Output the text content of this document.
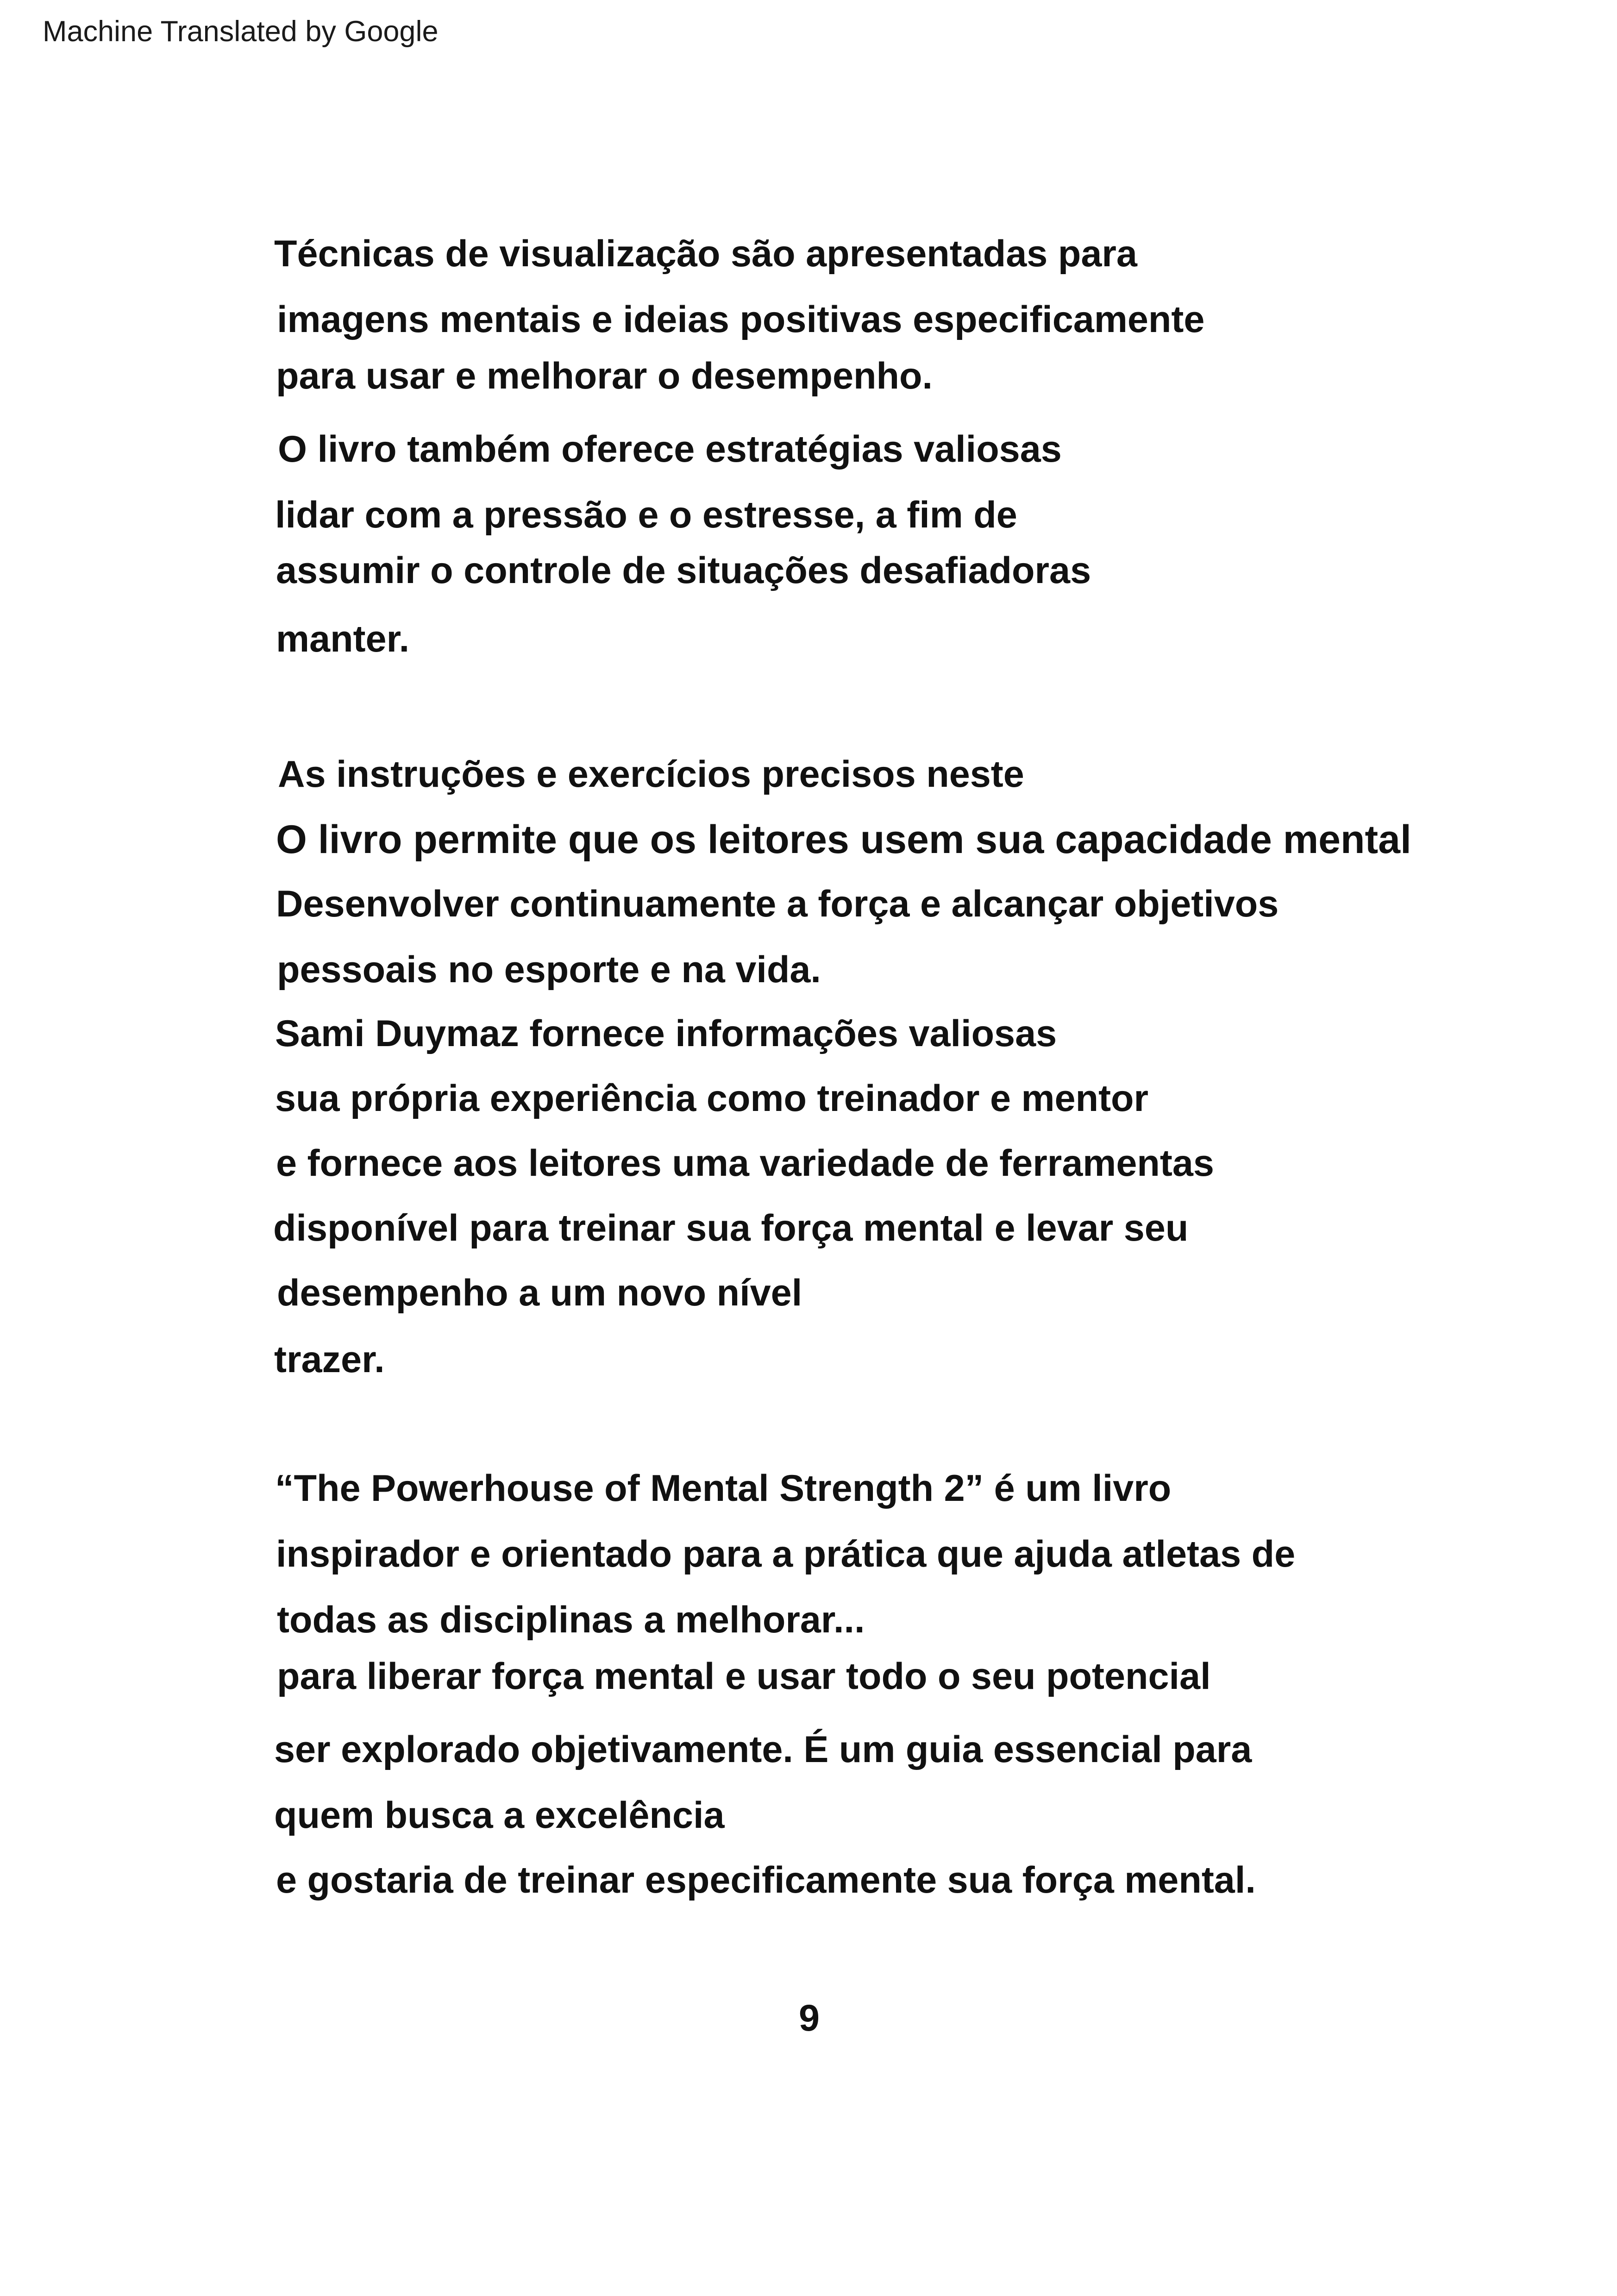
Machine Translated by Google
Técnicas de visualização são apresentadas para
imagens mentais e ideias positivas especificamente
para usar e melhorar o desempenho.
O livro também oferece estratégias valiosas
lidar com a pressão e o estresse, a fim de
assumir o controle de situações desafiadoras
manter.
As instruções e exercícios precisos neste
O livro permite que os leitores usem sua capacidade mental
Desenvolver continuamente a força e alcançar objetivos
pessoais no esporte e na vida.
Sami Duymaz fornece informações valiosas
sua própria experiência como treinador e mentor
e fornece aos leitores uma variedade de ferramentas
disponível para treinar sua força mental e levar seu
desempenho a um novo nível
trazer.
“The Powerhouse of Mental Strength 2” é um livro
inspirador e orientado para a prática que ajuda atletas de
todas as disciplinas a melhorar...
para liberar força mental e usar todo o seu potencial
ser explorado objetivamente. É um guia essencial para
quem busca a excelência
e gostaria de treinar especificamente sua força mental.
9
